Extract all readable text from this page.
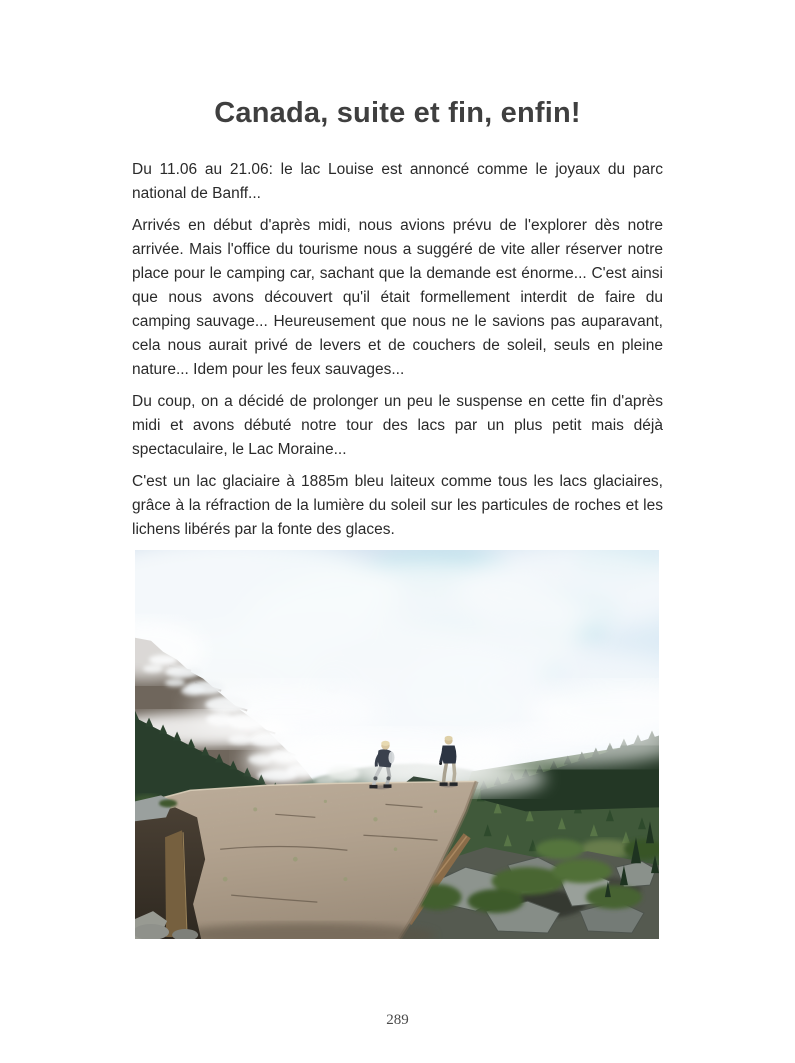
Canada, suite et fin, enfin!

Du 11.06 au 21.06: le lac Louise est annoncé comme le joyaux du parc national de Banff...

Arrivés en début d'après midi, nous avions prévu de l'explorer dès notre arrivée. Mais l'office du tourisme nous a suggéré de vite aller réserver notre place pour le camping car, sachant que la demande est énorme... C'est ainsi que nous avons découvert qu'il était formellement interdit de faire du camping sauvage... Heureusement que nous ne le savions pas auparavant, cela nous aurait privé de levers et de couchers de soleil, seuls en pleine nature... Idem pour les feux sauvages...

Du coup, on a décidé de prolonger un peu le suspense en cette fin d'après midi et avons débuté notre tour des lacs par un plus petit mais déjà spectaculaire, le Lac Moraine...

C'est un lac glaciaire à 1885m bleu laiteux comme tous les lacs glaciaires, grâce à la réfraction de la lumière du soleil sur les particules de roches et les lichens libérés par la fonte des glaces.

289
